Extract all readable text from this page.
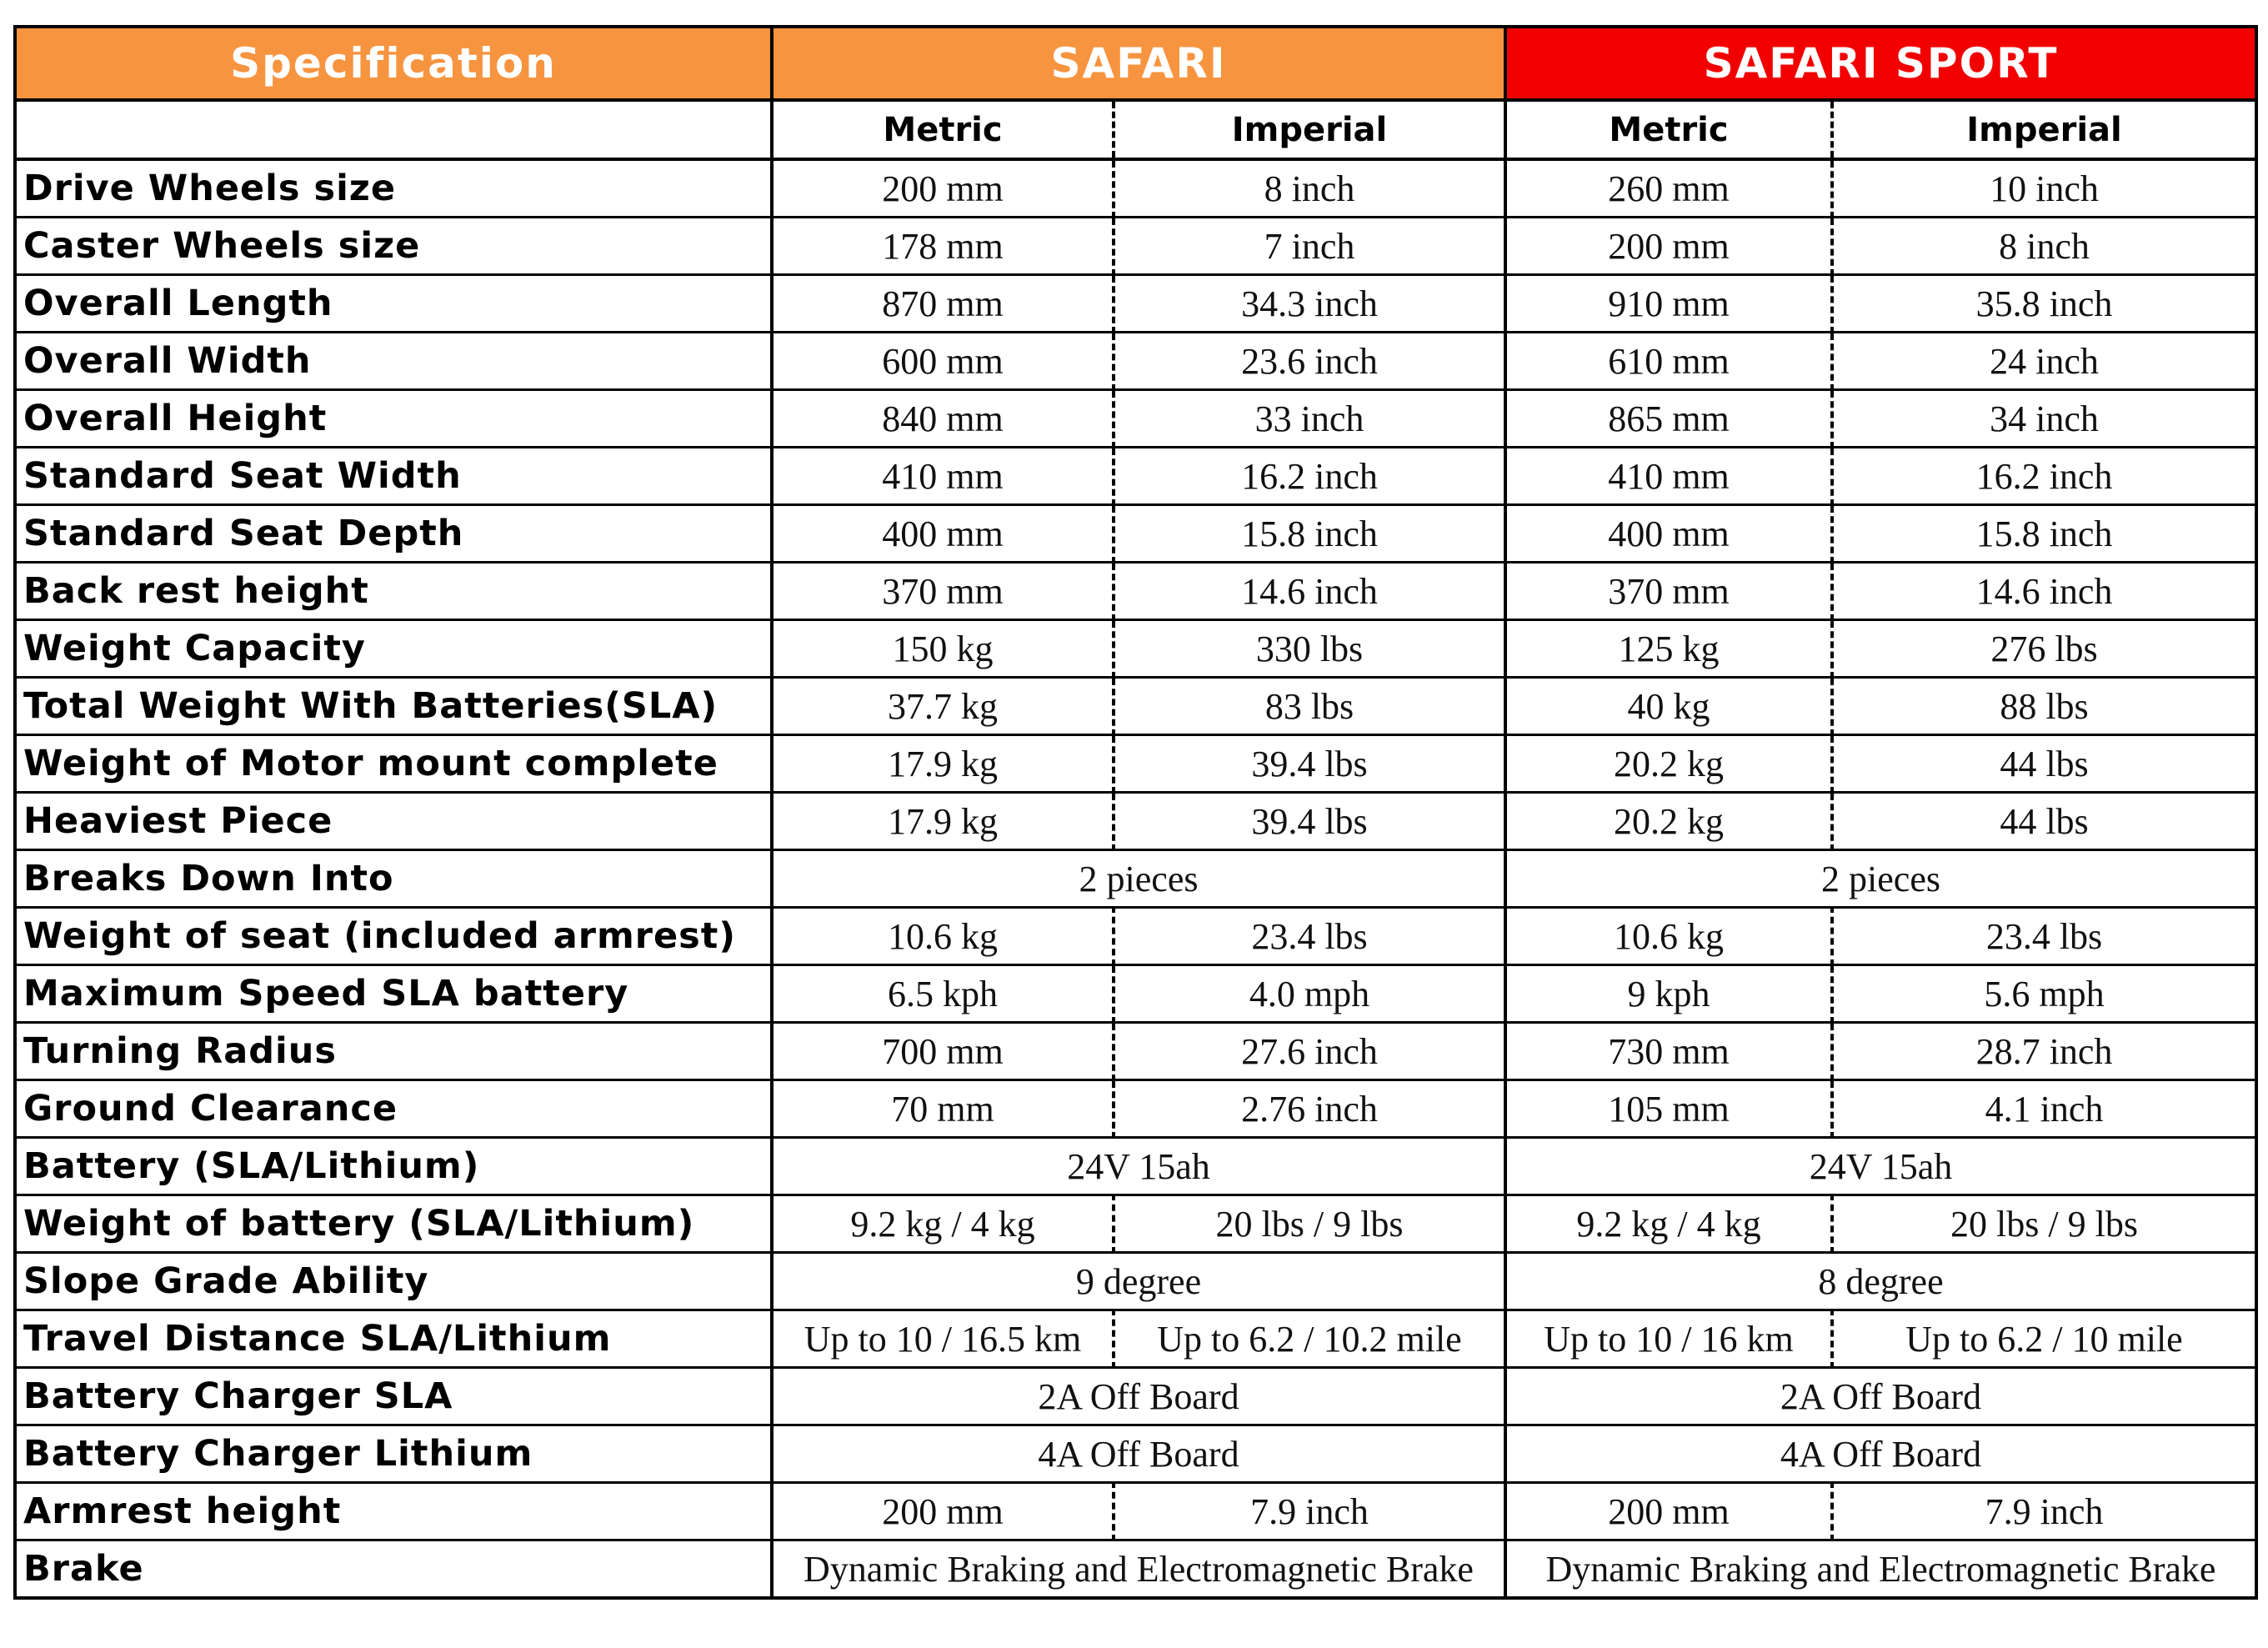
Specification	SAFARI		SAFARI SPORT	
	Metric	Imperial	Metric	Imperial
Drive Wheels size	200 mm	8 inch	260 mm	10 inch
Caster Wheels size	178 mm	7 inch	200 mm	8 inch
Overall Length	870 mm	34.3 inch	910 mm	35.8 inch
Overall Width	600 mm	23.6 inch	610 mm	24 inch
Overall Height	840 mm	33 inch	865 mm	34 inch
Standard Seat Width	410 mm	16.2 inch	410 mm	16.2 inch
Standard Seat Depth	400 mm	15.8 inch	400 mm	15.8 inch
Back rest height	370 mm	14.6 inch	370 mm	14.6 inch
Weight Capacity	150 kg	330 lbs	125 kg	276 lbs
Total Weight With Batteries(SLA)	37.7 kg	83 lbs	40 kg	88 lbs
Weight of Motor mount complete	17.9 kg	39.4 lbs	20.2 kg	44 lbs
Heaviest Piece	17.9 kg	39.4 lbs	20.2 kg	44 lbs
Breaks Down Into	2 pieces		2 pieces	
Weight of seat (included armrest)	10.6 kg	23.4 lbs	10.6 kg	23.4 lbs
Maximum Speed SLA battery	6.5 kph	4.0 mph	9 kph	5.6 mph
Turning Radius	700 mm	27.6 inch	730 mm	28.7 inch
Ground Clearance	70 mm	2.76 inch	105 mm	4.1 inch
Battery (SLA/Lithium)	24V 15ah		24V 15ah	
Weight of battery (SLA/Lithium)	9.2 kg / 4 kg	20 lbs / 9 lbs	9.2 kg / 4 kg	20 lbs / 9 lbs
Slope Grade Ability	9 degree		8 degree	
Travel Distance SLA/Lithium	Up to 10 / 16.5 km	Up to 6.2 / 10.2 mile	Up to 10 / 16 km	Up to 6.2 / 10 mile
Battery Charger SLA	2A Off Board		2A Off Board	
Battery Charger Lithium	4A Off Board		4A Off Board	
Armrest height	200 mm	7.9 inch	200 mm	7.9 inch
Brake	Dynamic Braking and Electromagnetic Brake		Dynamic Braking and Electromagnetic Brake	
